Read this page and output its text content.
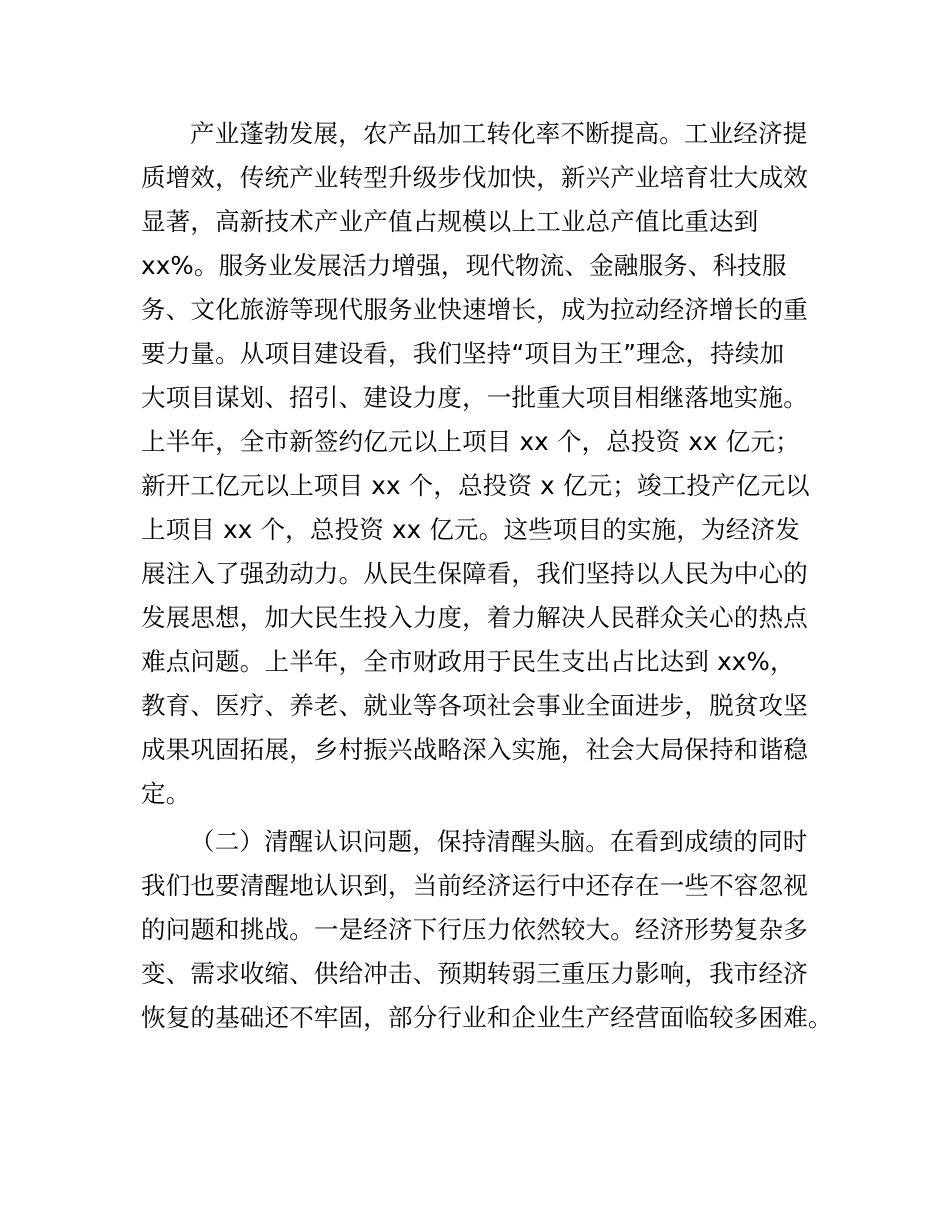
产业蓬勃发展，农产品加工转化率不断提高。工业经济提
质增效，传统产业转型升级步伐加快，新兴产业培育壮大成效
显著，高新技术产业产值占规模以上工业总产值比重达到
xx%。服务业发展活力增强，现代物流、金融服务、科技服
务、文化旅游等现代服务业快速增长，成为拉动经济增长的重
要力量。从项目建设看，我们坚持“项目为王”理念，持续加
大项目谋划、招引、建设力度，一批重大项目相继落地实施。
上半年，全市新签约亿元以上项目 xx 个，总投资 xx 亿元；
新开工亿元以上项目 xx 个，总投资 x 亿元；竣工投产亿元以
上项目 xx 个，总投资 xx 亿元。这些项目的实施，为经济发
展注入了强劲动力。从民生保障看，我们坚持以人民为中心的
发展思想，加大民生投入力度，着力解决人民群众关心的热点
难点问题。上半年，全市财政用于民生支出占比达到 xx%，
教育、医疗、养老、就业等各项社会事业全面进步，脱贫攻坚
成果巩固拓展，乡村振兴战略深入实施，社会大局保持和谐稳
定。
（二）清醒认识问题，保持清醒头脑。在看到成绩的同时
我们也要清醒地认识到，当前经济运行中还存在一些不容忽视
的问题和挑战。一是经济下行压力依然较大。经济形势复杂多
变、需求收缩、供给冲击、预期转弱三重压力影响，我市经济
恢复的基础还不牢固，部分行业和企业生产经营面临较多困难。
